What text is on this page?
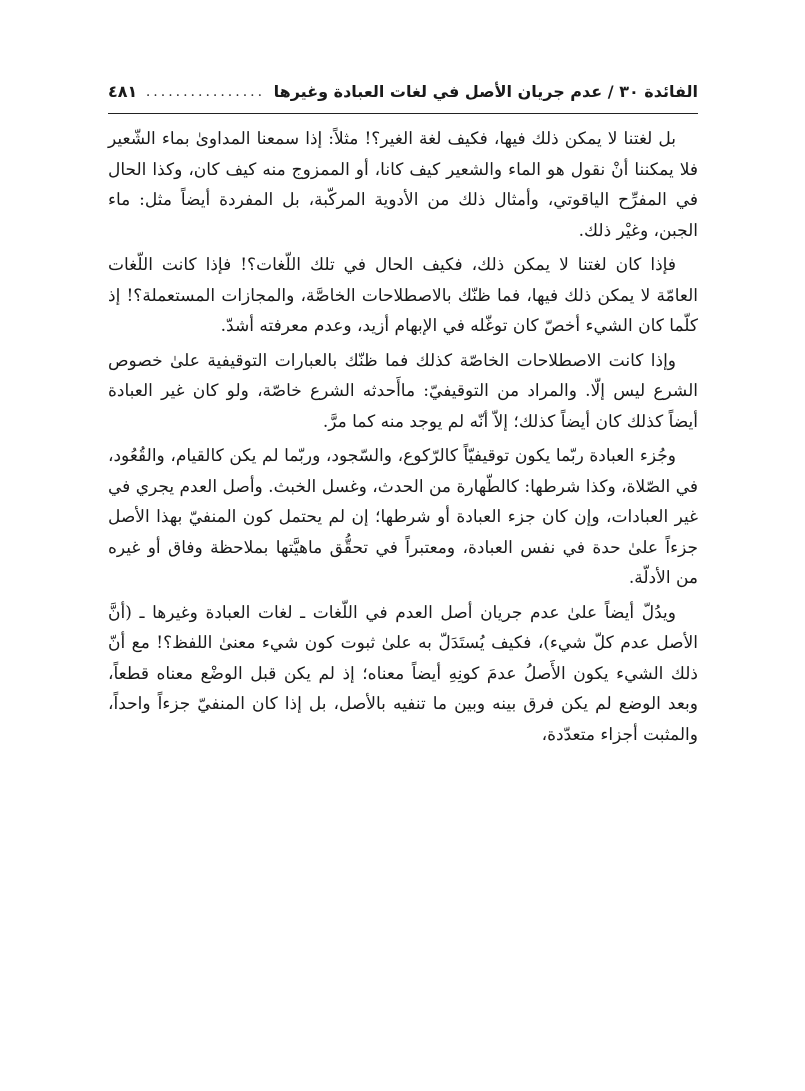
الفائدة ٣٠ / عدم جريان الأصل في لغات العبادة وغيرها
................
٤٨١

بل لغتنا لا يمكن ذلك فيها، فكيف لغة الغير؟! مثلاً: إذا سمعنا المداوىٰ بماء الشّعير فلا يمكننا أنْ نقول هو الماء والشعير كيف كانا، أو الممزوج منه كيف كان، وكذا الحال في المفرِّح الياقوتي، وأمثال ذلك من الأدوية المركّبة، بل المفردة أيضاً مثل: ماء الجبن، وغيْر ذلك.

فإذا كان لغتنا لا يمكن ذلك، فكيف الحال في تلك اللّغات؟! فإذا كانت اللّغات العامّة لا يمكن ذلك فيها، فما ظنّك بالاصطلاحات الخاصَّة، والمجازات المستعملة؟! إذ كلّما كان الشيء أخصّ كان توغّله في الإبهام أزيد، وعدم معرفته أشدّ.

وإذا كانت الاصطلاحات الخاصّة كذلك فما ظنّك بالعبارات التوقيفية علىٰ خصوص الشرع ليس إلّا. والمراد من التوقيفيّ: ماأَحدثه الشرع خاصّة، ولو كان غير العبادة أيضاً كذلك كان أيضاً كذلك؛ إلاّ أنّه لم يوجد منه كما مرَّ.

وجُزء العبادة ربّما يكون توقيفيّاً كالرّكوع، والسّجود، وربّما لم يكن كالقيام، والقُعُود، في الصّلاة، وكذا شرطها: كالطّهارة من الحدث، وغسل الخبث. وأصل العدم يجري في غير العبادات، وإن كان جزء العبادة أو شرطها؛ إن لم يحتمل كون المنفيّ بهذا الأصل جزءاً علىٰ حدة في نفس العبادة، ومعتبراً في تحقُّق ماهيَّتها بملاحظة وفاق أو غيره من الأدلّة.

ويدُلّ أيضاً علىٰ عدم جريان أصل العدم في اللّغات ـ لغات العبادة وغيرها ـ (أنَّ الأصل عدم كلّ شيء)، فكيف يُستَدَلّ به علىٰ ثبوت كون شيء معنىٰ اللفظ؟! مع أنّ ذلك الشيء يكون الأَصلُ عدمَ كونِهِ أيضاً معناه؛ إذ لم يكن قبل الوضْع معناه قطعاً، وبعد الوضع لم يكن فرق بينه وبين ما تنفيه بالأصل، بل إذا كان المنفيّ جزءاً واحداً، والمثبت أجزاء متعدّدة،
